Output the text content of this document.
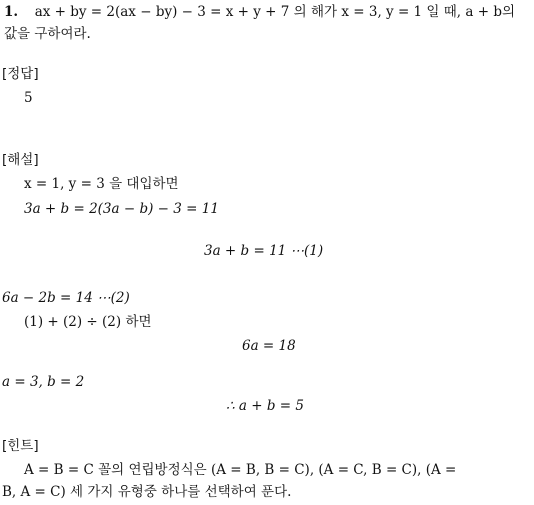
1. ax + by = 2(ax − by) − 3 = x + y + 7 의 해가 x = 3, y = 1 일 때, a + b의
값을 구하여라.
[정답]
5
[해설]
x = 1, y = 3 을 대입하면
3a + b = 2(3a − b) − 3 = 11
3a + b = 11 ⋯(1)
6a − 2b = 14 ⋯(2)
(1) + (2) ÷ (2) 하면
6a = 18
a = 3, b = 2
∴ a + b = 5
[힌트]
A = B = C 꼴의 연립방정식은 (A = B, B = C), (A = C, B = C), (A =
B, A = C) 세 가지 유형중 하나를 선택하여 푼다.
